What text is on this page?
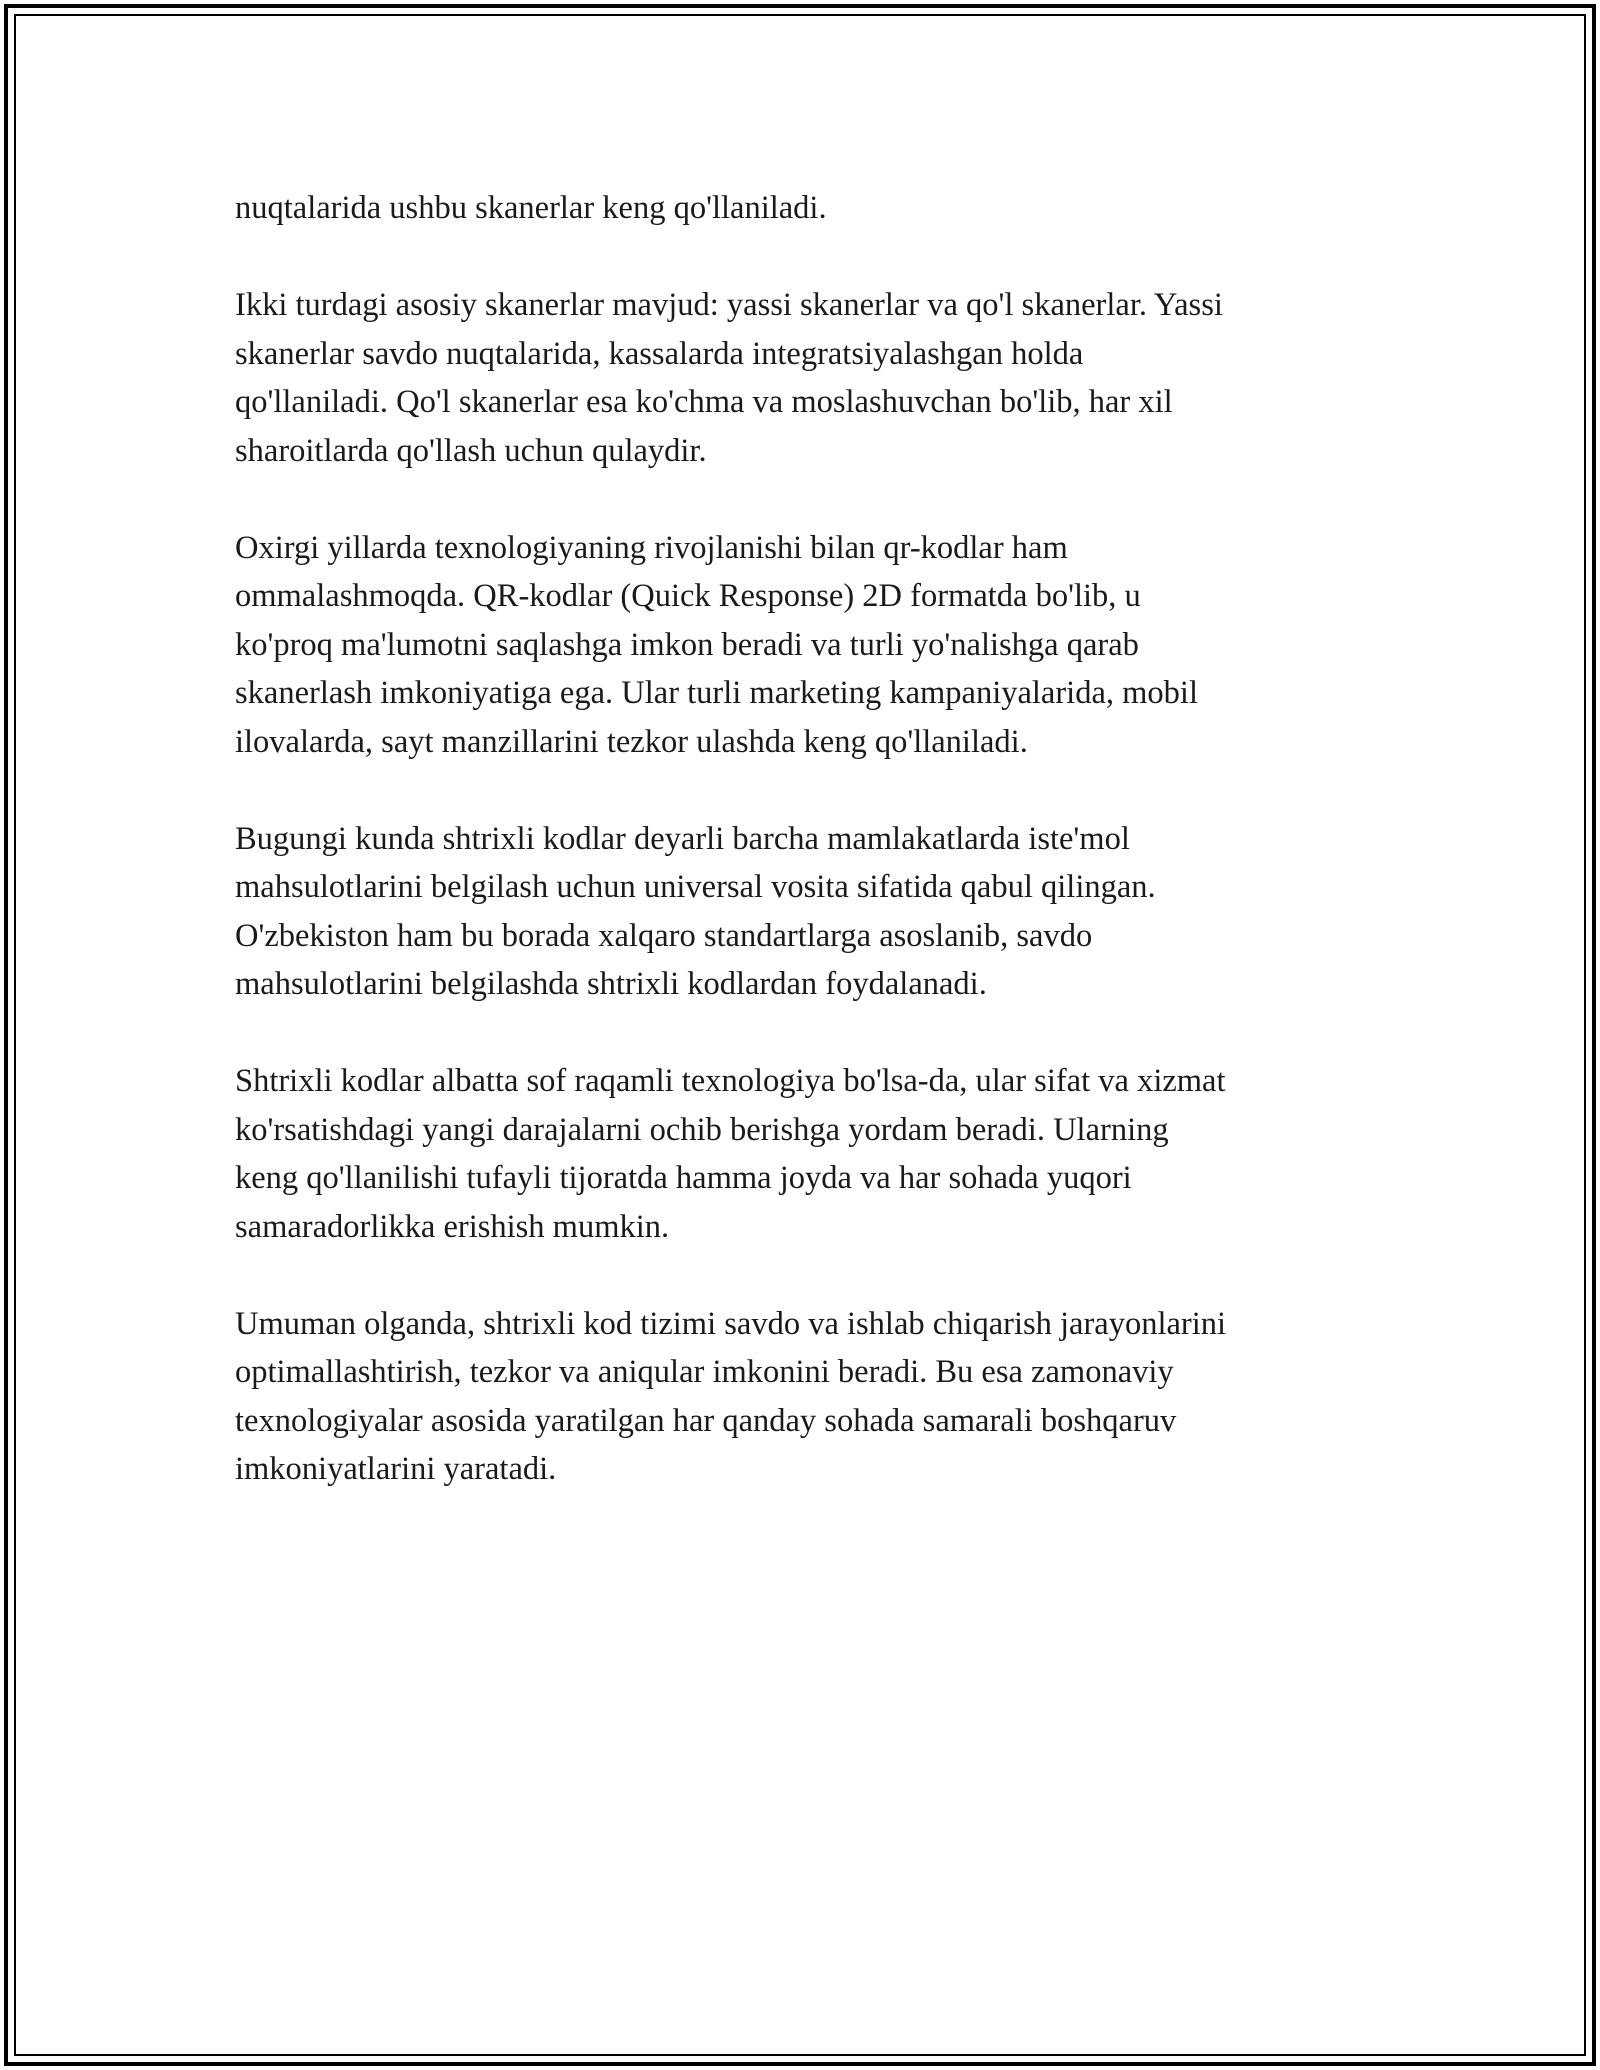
nuqtalarida ushbu skanerlar keng qo'llaniladi.

Ikki turdagi asosiy skanerlar mavjud: yassi skanerlar va qo'l skanerlar. Yassi
skanerlar savdo nuqtalarida, kassalarda integratsiyalashgan holda
qo'llaniladi. Qo'l skanerlar esa ko'chma va moslashuvchan bo'lib, har xil
sharoitlarda qo'llash uchun qulaydir.

Oxirgi yillarda texnologiyaning rivojlanishi bilan qr-kodlar ham
ommalashmoqda. QR-kodlar (Quick Response) 2D formatda bo'lib, u
ko'proq ma'lumotni saqlashga imkon beradi va turli yo'nalishga qarab
skanerlash imkoniyatiga ega. Ular turli marketing kampaniyalarida, mobil
ilovalarda, sayt manzillarini tezkor ulashda keng qo'llaniladi.

Bugungi kunda shtrixli kodlar deyarli barcha mamlakatlarda iste'mol
mahsulotlarini belgilash uchun universal vosita sifatida qabul qilingan.
O'zbekiston ham bu borada xalqaro standartlarga asoslanib, savdo
mahsulotlarini belgilashda shtrixli kodlardan foydalanadi.

Shtrixli kodlar albatta sof raqamli texnologiya bo'lsa-da, ular sifat va xizmat
ko'rsatishdagi yangi darajalarni ochib berishga yordam beradi. Ularning
keng qo'llanilishi tufayli tijoratda hamma joyda va har sohada yuqori
samaradorlikka erishish mumkin.

Umuman olganda, shtrixli kod tizimi savdo va ishlab chiqarish jarayonlarini
optimallashtirish, tezkor va aniqular imkonini beradi. Bu esa zamonaviy
texnologiyalar asosida yaratilgan har qanday sohada samarali boshqaruv
imkoniyatlarini yaratadi.
